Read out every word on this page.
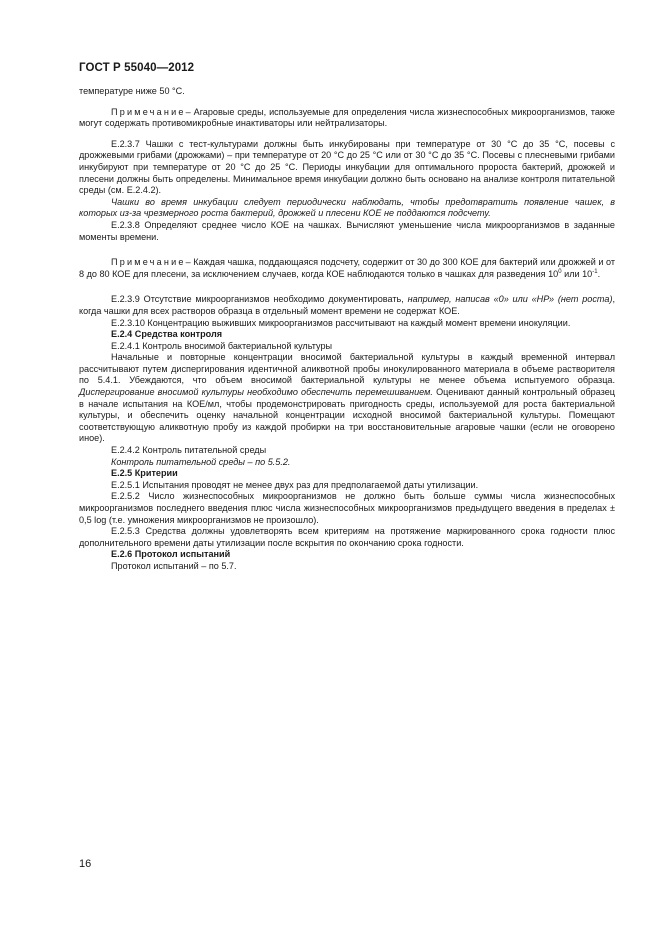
ГОСТ Р 55040—2012

температуре ниже 50 °С.

Примечание– Агаровые среды, используемые для определения числа жизнеспособных микроорганизмов, также могут содержать противомикробные инактиваторы или нейтрализаторы.

Е.2.3.7 Чашки с тест-культурами должны быть инкубированы при температуре от 30 °С до 35 °С, посевы с дрожжевыми грибами (дрожжами) – при температуре от 20 °С до 25 °С или от 30 °С до 35 °С. Посевы с плесневыми грибами инкубируют при температуре от 20 °С до 25 °С. Периоды инкубации для оптимального пророста бактерий, дрожжей и плесени должны быть определены. Минимальное время инкубации должно быть основано на анализе контроля питательной среды (см. Е.2.4.2).

Чашки во время инкубации следует периодически наблюдать, чтобы предотвратить появление чашек, в которых из-за чрезмерного роста бактерий, дрожжей и плесени КОЕ не поддаются подсчету.

Е.2.3.8 Определяют среднее число КОЕ на чашках. Вычисляют уменьшение числа микроорганизмов в заданные моменты времени.

Примечание– Каждая чашка, поддающаяся подсчету, содержит от 30 до 300 КОЕ для бактерий или дрожжей и от 8 до 80 КОЕ для плесени, за исключением случаев, когда КОЕ наблюдаются только в чашках для разведения $10^0$ или $10^{-1}$.

Е.2.3.9 Отсутствие микроорганизмов необходимо документировать, например, написав «0» или «НР» (нет роста), когда чашки для всех растворов образца в отдельный момент времени не содержат КОЕ.

Е.2.3.10 Концентрацию выживших микроорганизмов рассчитывают на каждый момент времени инокуляции.

Е.2.4 Средства контроля

Е.2.4.1 Контроль вносимой бактериальной культуры

Начальные и повторные концентрации вносимой бактериальной культуры в каждый временной интервал рассчитывают путем диспергирования идентичной аликвотной пробы инокулированного материала в объеме растворителя по 5.4.1. Убеждаются, что объем вносимой бактериальной культуры не менее объема испытуемого образца. Диспергирование вносимой культуры необходимо обеспечить перемешиванием. Оценивают данный контрольный образец в начале испытания на КОЕ/мл, чтобы продемонстрировать пригодность среды, используемой для роста бактериальной культуры, и обеспечить оценку начальной концентрации исходной вносимой бактериальной культуры. Помещают соответствующую аликвотную пробу из каждой пробирки на три восстановительные агаровые чашки (если не оговорено иное).

Е.2.4.2 Контроль питательной среды

Контроль питательной среды – по 5.5.2.

Е.2.5 Критерии

Е.2.5.1 Испытания проводят не менее двух раз для предполагаемой даты утилизации.

Е.2.5.2 Число жизнеспособных микроорганизмов не должно быть больше суммы числа жизнеспособных микроорганизмов последнего введения плюс числа жизнеспособных микроорганизмов предыдущего введения в пределах ± 0,5 log (т.е. умножения микроорганизмов не произошло).

Е.2.5.3 Средства должны удовлетворять всем критериям на протяжение маркированного срока годности плюс дополнительного времени даты утилизации после вскрытия по окончанию срока годности.

Е.2.6 Протокол испытаний

Протокол испытаний – по 5.7.

16
